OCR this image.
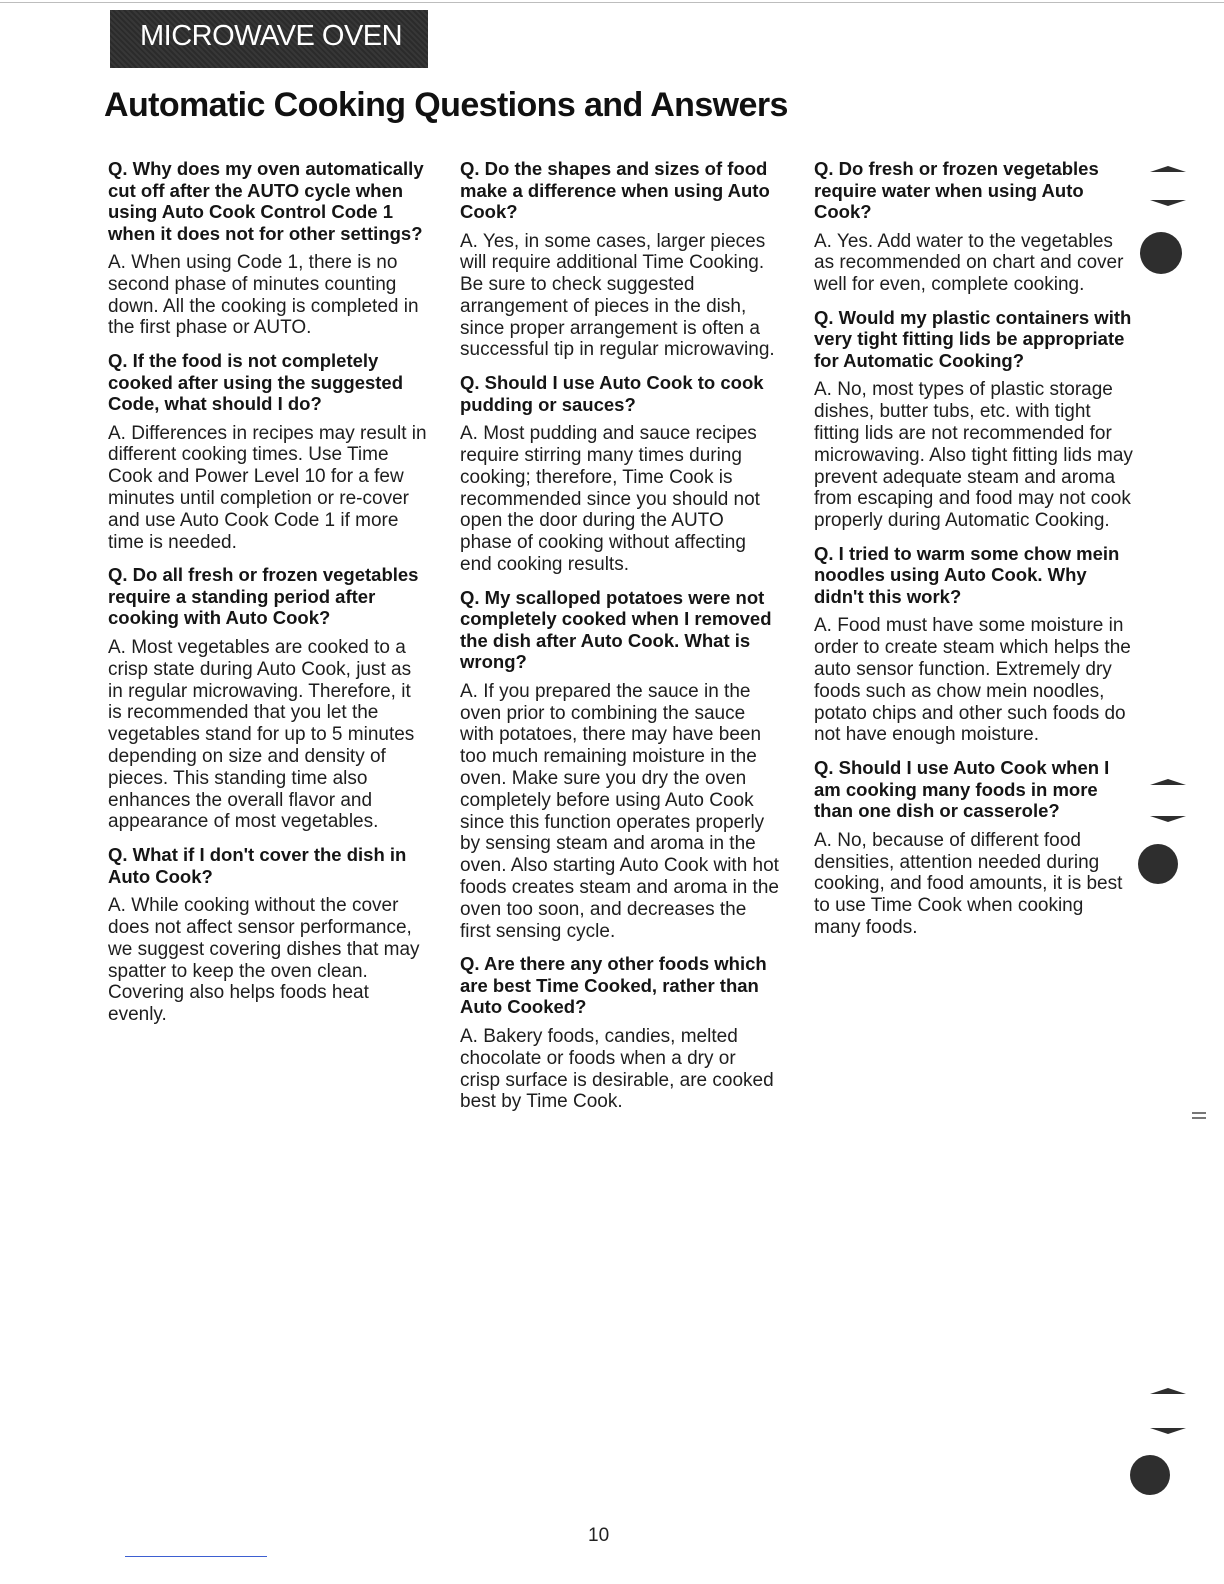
MICROWAVE OVEN
Automatic Cooking Questions and Answers

Q. Why does my oven automatically cut off after the AUTO cycle when using Auto Cook Control Code 1 when it does not for other settings?

A. When using Code 1, there is no second phase of minutes counting down. All the cooking is completed in the first phase or AUTO.

Q. If the food is not completely cooked after using the suggested Code, what should I do?

A. Differences in recipes may result in different cooking times. Use Time Cook and Power Level 10 for a few minutes until completion or re-cover and use Auto Cook Code 1 if more time is needed.

Q. Do all fresh or frozen vegetables require a standing period after cooking with Auto Cook?

A. Most vegetables are cooked to a crisp state during Auto Cook, just as in regular microwaving. Therefore, it is recommended that you let the vegetables stand for up to 5 minutes depending on size and density of pieces. This standing time also enhances the overall flavor and appearance of most vegetables.

Q. What if I don't cover the dish in Auto Cook?

A. While cooking without the cover does not affect sensor performance, we suggest covering dishes that may spatter to keep the oven clean. Covering also helps foods heat evenly.

Q. Do the shapes and sizes of food make a difference when using Auto Cook?

A. Yes, in some cases, larger pieces will require additional Time Cooking. Be sure to check suggested arrangement of pieces in the dish, since proper arrangement is often a successful tip in regular microwaving.

Q. Should I use Auto Cook to cook pudding or sauces?

A. Most pudding and sauce recipes require stirring many times during cooking; therefore, Time Cook is recommended since you should not open the door during the AUTO phase of cooking without affecting end cooking results.

Q. My scalloped potatoes were not completely cooked when I removed the dish after Auto Cook. What is wrong?

A. If you prepared the sauce in the oven prior to combining the sauce with potatoes, there may have been too much remaining moisture in the oven. Make sure you dry the oven completely before using Auto Cook since this function operates properly by sensing steam and aroma in the oven. Also starting Auto Cook with hot foods creates steam and aroma in the oven too soon, and decreases the first sensing cycle.

Q. Are there any other foods which are best Time Cooked, rather than Auto Cooked?

A. Bakery foods, candies, melted chocolate or foods when a dry or crisp surface is desirable, are cooked best by Time Cook.

Q. Do fresh or frozen vegetables require water when using Auto Cook?

A. Yes. Add water to the vegetables as recommended on chart and cover well for even, complete cooking.

Q. Would my plastic containers with very tight fitting lids be appropriate for Automatic Cooking?

A. No, most types of plastic storage dishes, butter tubs, etc. with tight fitting lids are not recommended for microwaving. Also tight fitting lids may prevent adequate steam and aroma from escaping and food may not cook properly during Automatic Cooking.

Q. I tried to warm some chow mein noodles using Auto Cook. Why didn't this work?

A. Food must have some moisture in order to create steam which helps the auto sensor function. Extremely dry foods such as chow mein noodles, potato chips and other such foods do not have enough moisture.

Q. Should I use Auto Cook when I am cooking many foods in more than one dish or casserole?

A. No, because of different food densities, attention needed during cooking, and food amounts, it is best to use Time Cook when cooking many foods.

10
